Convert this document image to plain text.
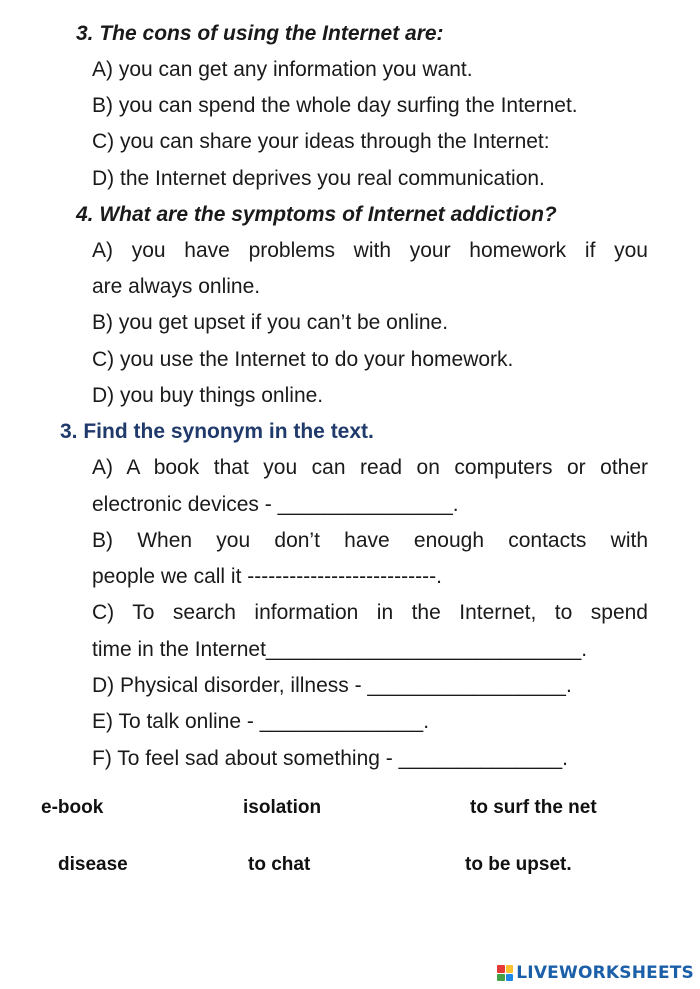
3. The cons of using the Internet are:
A) you can get any information you want.
B) you can spend the whole day surfing the Internet.
C) you can share your ideas through the Internet:
D) the Internet deprives you real communication.
4. What are the symptoms of Internet addiction?
A) you have problems with your homework if you
are always online.
B) you get upset if you can’t be online.
C) you use the Internet to do your homework.
D) you buy things online.
3. Find the synonym in the text.
A) A book that you can read on computers or other
electronic devices - _______________.
B) When you don’t have enough contacts with
people we call it ---------------------------.
C) To search information in the Internet, to spend
time in the Internet___________________________.
D) Physical disorder, illness - _________________.
E) To talk online - ______________.
F) To feel sad about something - ______________.
e-book	isolation	to surf the net
disease	to chat	to be upset.
LIVEWORKSHEETS
